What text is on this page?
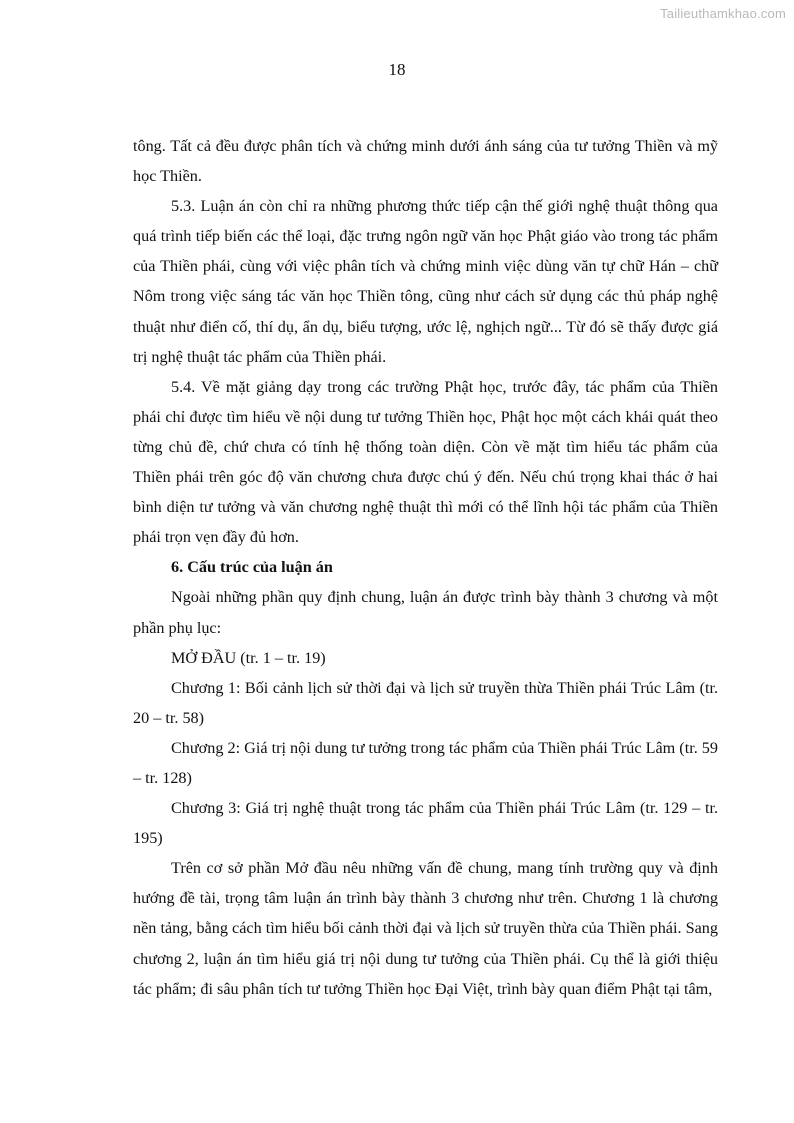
Tailieuthamkhao.com
18

tông. Tất cả đều được phân tích và chứng minh dưới ánh sáng của tư tưởng Thiền và mỹ học Thiền.

5.3. Luận án còn chỉ ra những phương thức tiếp cận thế giới nghệ thuật thông qua quá trình tiếp biến các thể loại, đặc trưng ngôn ngữ văn học Phật giáo vào trong tác phẩm của Thiền phái, cùng với việc phân tích và chứng minh việc dùng văn tự chữ Hán – chữ Nôm trong việc sáng tác văn học Thiền tông, cũng như cách sử dụng các thủ pháp nghệ thuật như điển cố, thí dụ, ẩn dụ, biểu tượng, ước lệ, nghịch ngữ... Từ đó sẽ thấy được giá trị nghệ thuật tác phẩm của Thiền phái.

5.4. Về mặt giảng dạy trong các trường Phật học, trước đây, tác phẩm của Thiền phái chỉ được tìm hiểu về nội dung tư tưởng Thiền học, Phật học một cách khái quát theo từng chủ đề, chứ chưa có tính hệ thống toàn diện. Còn về mặt tìm hiểu tác phẩm của Thiền phái trên góc độ văn chương chưa được chú ý đến. Nếu chú trọng khai thác ở hai bình diện tư tưởng và văn chương nghệ thuật thì mới có thể lĩnh hội tác phẩm của Thiền phái trọn vẹn đầy đủ hơn.

6. Cấu trúc của luận án

Ngoài những phần quy định chung, luận án được trình bày thành 3 chương và một phần phụ lục:

MỞ ĐẦU (tr. 1 – tr. 19)

Chương 1: Bối cảnh lịch sử thời đại và lịch sử truyền thừa Thiền phái Trúc Lâm (tr. 20 – tr. 58)

Chương 2: Giá trị nội dung tư tưởng trong tác phẩm của Thiền phái Trúc Lâm (tr. 59 – tr. 128)

Chương 3: Giá trị nghệ thuật trong tác phẩm của Thiền phái Trúc Lâm (tr. 129 – tr. 195)

Trên cơ sở phần Mở đầu nêu những vấn đề chung, mang tính trường quy và định hướng đề tài, trọng tâm luận án trình bày thành 3 chương như trên. Chương 1 là chương nền tảng, bằng cách tìm hiểu bối cảnh thời đại và lịch sử truyền thừa của Thiền phái. Sang chương 2, luận án tìm hiểu giá trị nội dung tư tưởng của Thiền phái. Cụ thể là giới thiệu tác phẩm; đi sâu phân tích tư tưởng Thiền học Đại Việt, trình bày quan điểm Phật tại tâm,
